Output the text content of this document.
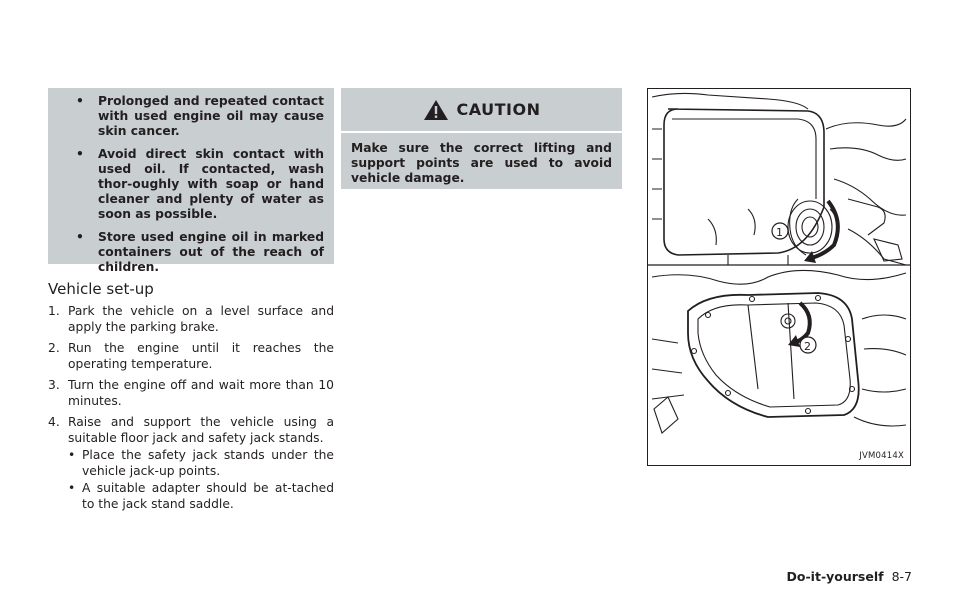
• Prolonged and repeated contact with used engine oil may cause skin cancer.
• Avoid direct skin contact with used oil. If contacted, wash thor-oughly with soap or hand cleaner and plenty of water as soon as possible.
• Store used engine oil in marked containers out of the reach of children.
Vehicle set-up
1. Park the vehicle on a level surface and apply the parking brake.
2. Run the engine until it reaches the operating temperature.
3. Turn the engine off and wait more than 10 minutes.
4. Raise and support the vehicle using a suitable floor jack and safety jack stands.
• Place the safety jack stands under the vehicle jack-up points.
• A suitable adapter should be at-tached to the jack stand saddle.
CAUTION
Make sure the correct lifting and support points are used to avoid vehicle damage.
1
2
JVM0414X
Do-it-yourself 8-7
